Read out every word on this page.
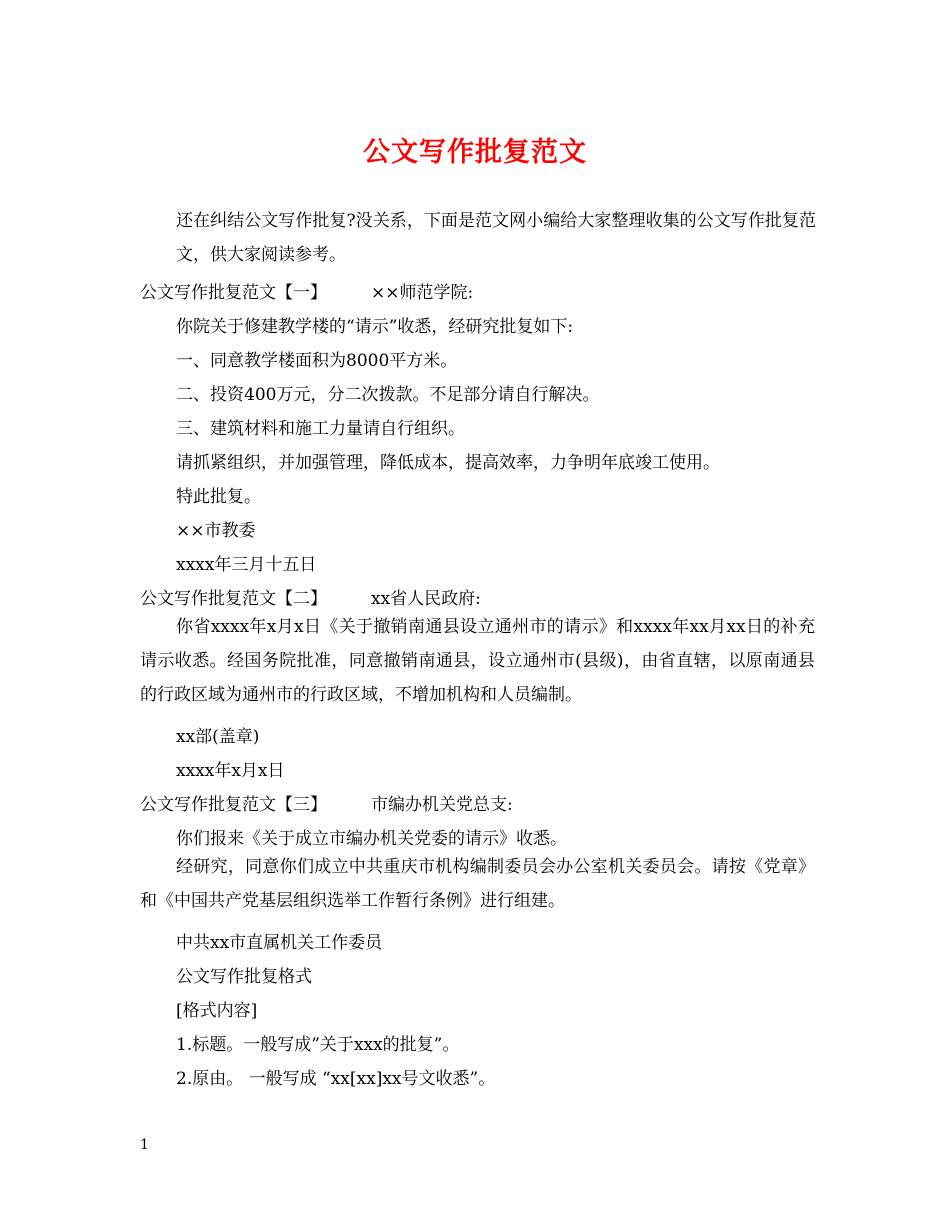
公文写作批复范文
还在纠结公文写作批复?没关系，下面是范文网小编给大家整理收集的公文写作批复范文，供大家阅读参考。
公文写作批复范文【一】	××师范学院:
你院关于修建教学楼的“请示”收悉，经研究批复如下:
一、同意教学楼面积为8000平方米。
二、投资400万元，分二次拨款。不足部分请自行解决。
三、建筑材料和施工力量请自行组织。
请抓紧组织，并加强管理，降低成本，提高效率，力争明年底竣工使用。
特此批复。
××市教委
xxxx年三月十五日
公文写作批复范文【二】	xx省人民政府:
你省xxxx年x月x日《关于撤销南通县设立通州市的请示》和xxxx年xx月xx日的补充请示收悉。经国务院批准，同意撤销南通县，设立通州市(县级)，由省直辖，以原南通县的行政区域为通州市的行政区域，不增加机构和人员编制。
xx部(盖章)
xxxx年x月x日
公文写作批复范文【三】	市编办机关党总支:
你们报来《关于成立市编办机关党委的请示》收悉。
经研究，同意你们成立中共重庆市机构编制委员会办公室机关委员会。请按《党章》和《中国共产党基层组织选举工作暂行条例》进行组建。
中共xx市直属机关工作委员
公文写作批复格式
[格式内容]
1.标题。一般写成”关于xxx的批复”。
2.原由。 一般写成 “xx[xx]xx号文收悉”。
1
